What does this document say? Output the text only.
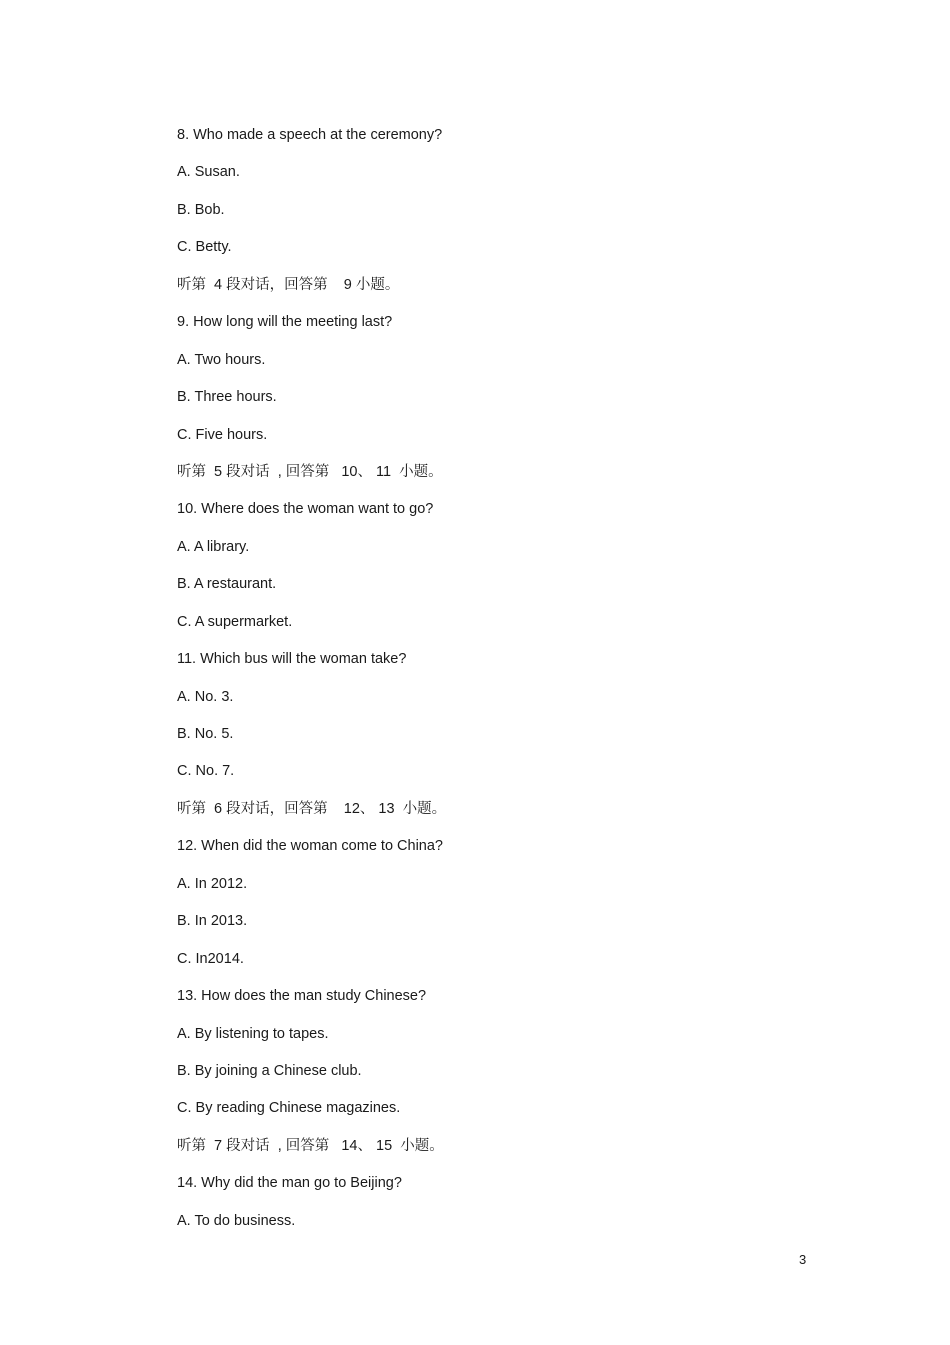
8. Who made a speech at the ceremony?
A. Susan.
B. Bob.
C. Betty.
听第  4 段对话，回答第    9 小题。
9. How long will the meeting last?
A. Two hours.
B. Three hours.
C. Five hours.
听第  5 段对话  , 回答第   10、 11  小题。
10. Where does the woman want to go?
A. A library.
B. A restaurant.
C. A supermarket.
11. Which bus will the woman take?
A. No. 3.
B. No. 5.
C. No. 7.
听第  6 段对话，回答第    12、 13  小题。
12. When did the woman come to China?
A. In 2012.
B. In 2013.
C. In2014.
13. How does the man study Chinese?
A. By listening to tapes.
B. By joining a Chinese club.
C. By reading Chinese magazines.
听第  7 段对话  , 回答第   14、 15  小题。
14. Why did the man go to Beijing?
A. To do business.
3
